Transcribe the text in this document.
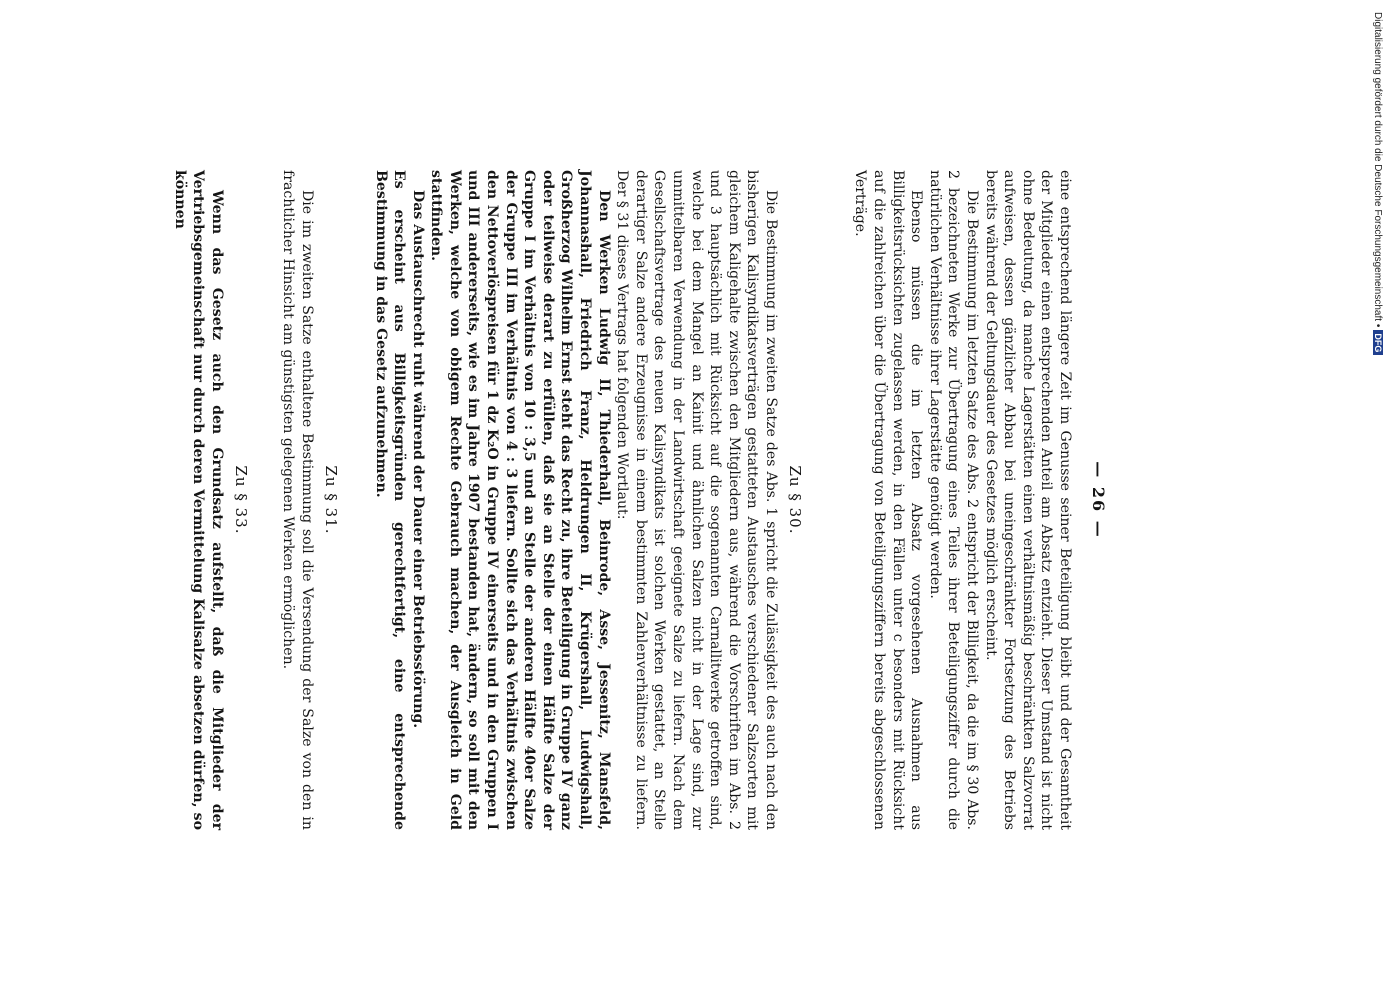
— 26 —

eine entsprechend längere Zeit im Genusse seiner Beteiligung bleibt und der Gesamtheit der Mitglieder einen entsprechenden Anteil am Absatz entzieht. Dieser Umstand ist nicht ohne Bedeutung, da manche Lagerstätten einen verhältnismäßig beschränkten Salzvorrat aufweisen, dessen gänzlicher Abbau bei uneingeschränkter Fortsetzung des Betriebs bereits während der Geltungsdauer des Gesetzes möglich erscheint.

Die Bestimmung im letzten Satze des Abs. 2 entspricht der Billigkeit, da die im § 30 Abs. 2 bezeichneten Werke zur Übertragung eines Teiles ihrer Beteiligungsziffer durch die natürlichen Verhältnisse ihrer Lagerstätte genötigt werden.

Ebenso müssen die im letzten Absatz vorgesehenen Ausnahmen aus Billigkeitsrücksichten zugelassen werden, in den Fällen unter c besonders mit Rücksicht auf die zahlreichen über die Übertragung von Beteiligungsziffern bereits abgeschlossenen Verträge.

Zu § 30.

Die Bestimmung im zweiten Satze des Abs. 1 spricht die Zulässigkeit des auch nach den bisherigen Kalisyndikatsverträgen gestatteten Austausches verschiedener Salzsorten mit gleichem Kaligehalte zwischen den Mitgliedern aus, während die Vorschriften im Abs. 2 und 3 hauptsächlich mit Rücksicht auf die sogenannten Carnallitwerke getroffen sind, welche bei dem Mangel an Kainit und ähnlichen Salzen nicht in der Lage sind, zur unmittelbaren Verwendung in der Landwirtschaft geeignete Salze zu liefern. Nach dem Gesellschaftsvertrage des neuen Kalisyndikats ist solchen Werken gestattet, an Stelle derartiger Salze andere Erzeugnisse in einem bestimmten Zahlenverhältnisse zu liefern. Der § 31 dieses Vertrags hat folgenden Wortlaut:

Den Werken Ludwig II, Thiederhall, Beinrode, Asse, Jessenitz, Mansfeld, Johannashall, Friedrich Franz, Heldrungen II, Krügershall, Ludwigshall, Großherzog Wilhelm Ernst steht das Recht zu, ihre Beteiligung in Gruppe IV ganz oder teilweise derart zu erfüllen, daß sie an Stelle der einen Hälfte Salze der Gruppe I im Verhältnis von 10 : 3,5 und an Stelle der anderen Hälfte 40er Salze der Gruppe III im Verhältnis von 4 : 3 liefern. Sollte sich das Verhältnis zwischen den Nettoverlöspreisen für 1 dz K₂O in Gruppe IV einerseits und in den Gruppen I und III andererseits, wie es im Jahre 1907 bestanden hat, ändern, so soll mit den Werken, welche von obigem Rechte Gebrauch machen, der Ausgleich in Geld stattfinden.

Das Austauschrecht ruht während der Dauer einer Betriebsstörung.

Es erscheint aus Billigkeitsgründen gerechtfertigt, eine entsprechende Bestimmung in das Gesetz aufzunehmen.

Zu § 31.

Die im zweiten Satze enthaltene Bestimmung soll die Versendung der Salze von den in frachtlicher Hinsicht am günstigsten gelegenen Werken ermöglichen.

Zu § 33.

Wenn das Gesetz auch den Grundsatz aufstellt, daß die Mitglieder der Vertriebsgemeinschaft nur durch deren Vermittelung Kalisalze absetzen dürfen, so können	Digitalisierung gefördert durch die Deutsche Forschungsgemeinschaft •DFG
